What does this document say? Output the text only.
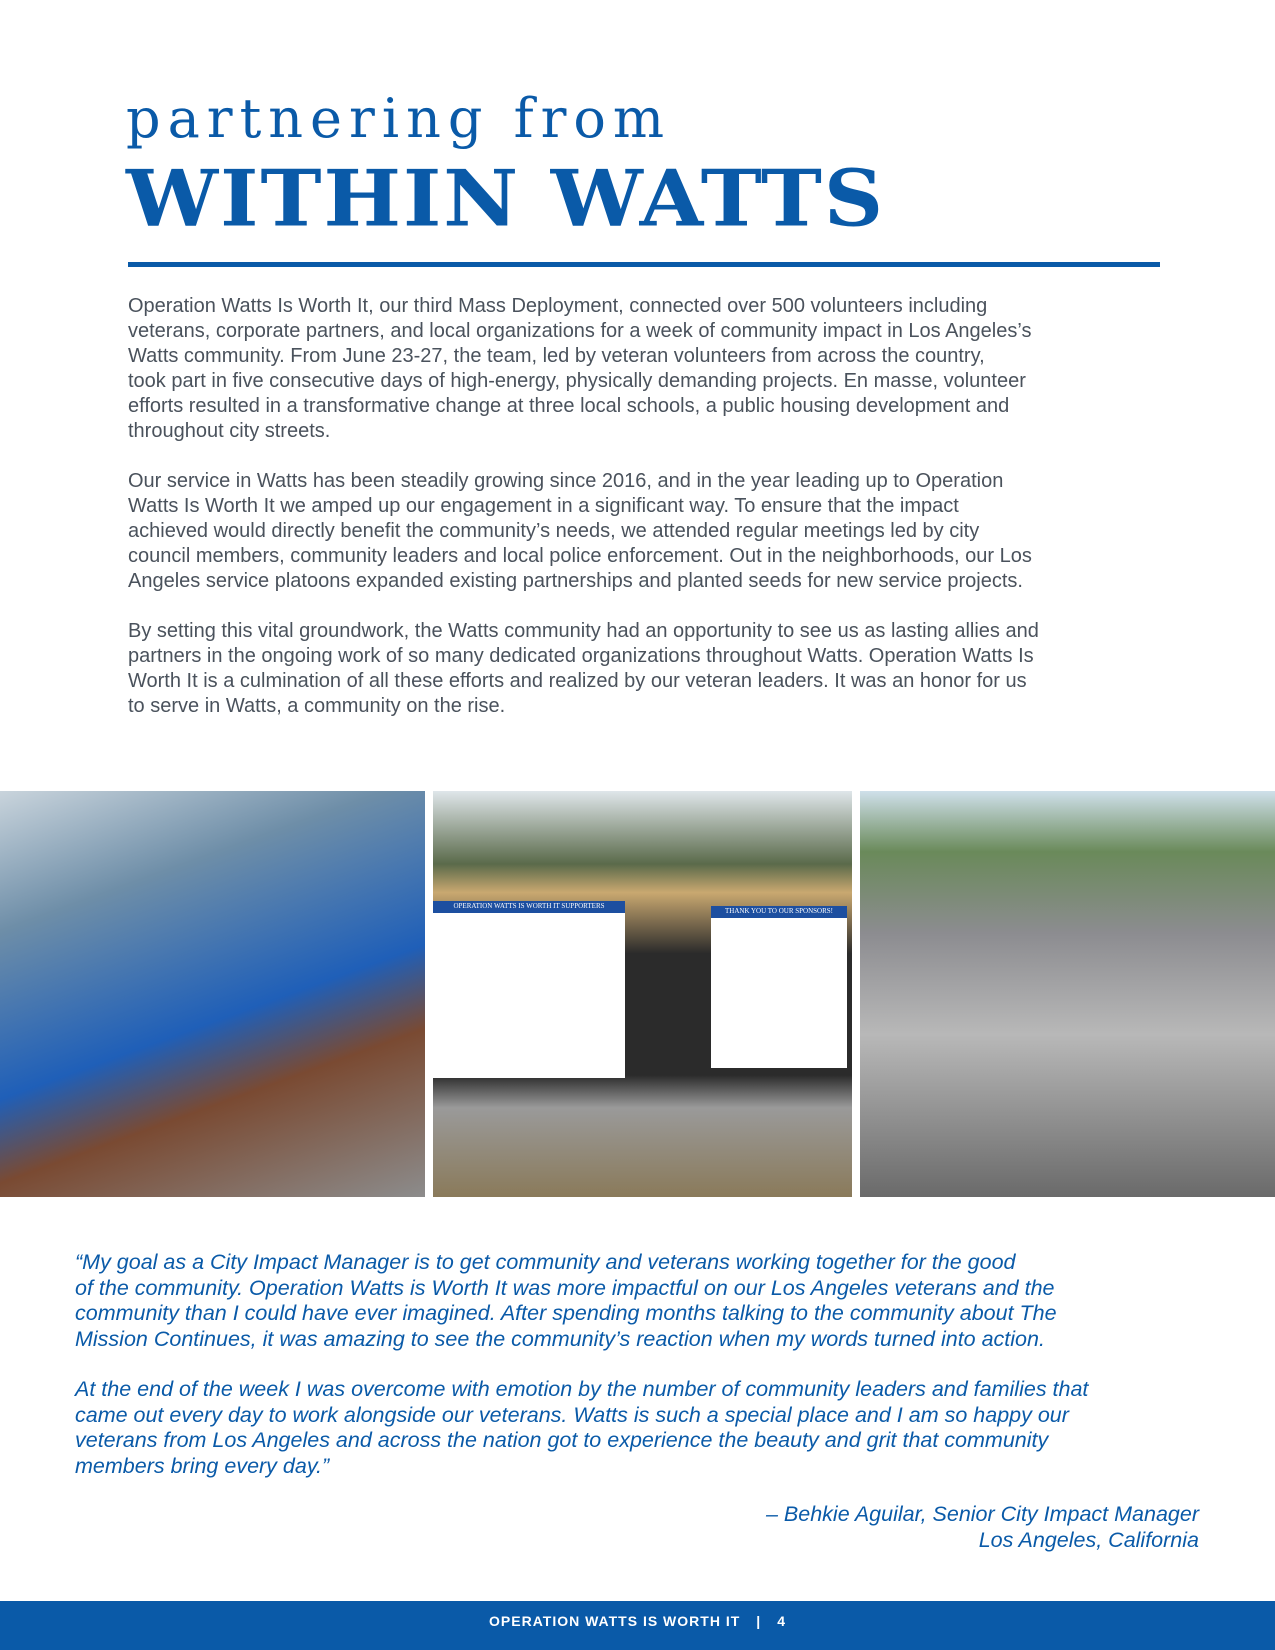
partnering from
WITHIN WATTS

Operation Watts Is Worth It, our third Mass Deployment, connected over 500 volunteers including
veterans, corporate partners, and local organizations for a week of community impact in Los Angeles’s
Watts community. From June 23-27, the team, led by veteran volunteers from across the country,
took part in five consecutive days of high-energy, physically demanding projects. En masse, volunteer
efforts resulted in a transformative change at three local schools, a public housing development and
throughout city streets.

Our service in Watts has been steadily growing since 2016, and in the year leading up to Operation
Watts Is Worth It we amped up our engagement in a significant way. To ensure that the impact
achieved would directly benefit the community’s needs, we attended regular meetings led by city
council members, community leaders and local police enforcement. Out in the neighborhoods, our Los
Angeles service platoons expanded existing partnerships and planted seeds for new service projects.

By setting this vital groundwork, the Watts community had an opportunity to see us as lasting allies and
partners in the ongoing work of so many dedicated organizations throughout Watts. Operation Watts Is
Worth It is a culmination of all these efforts and realized by our veteran leaders. It was an honor for us
to serve in Watts, a community on the rise.

OPERATION WATTS IS WORTH IT SUPPORTERS
THANK YOU TO OUR SPONSORS!

“My goal as a City Impact Manager is to get community and veterans working together for the good
of the community. Operation Watts is Worth It was more impactful on our Los Angeles veterans and the
community than I could have ever imagined. After spending months talking to the community about The
Mission Continues, it was amazing to see the community’s reaction when my words turned into action.

At the end of the week I was overcome with emotion by the number of community leaders and families that
came out every day to work alongside our veterans. Watts is such a special place and I am so happy our
veterans from Los Angeles and across the nation got to experience the beauty and grit that community
members bring every day.”

– Behkie Aguilar, Senior City Impact Manager
Los Angeles, California
OPERATION WATTS IS WORTH IT | 4
